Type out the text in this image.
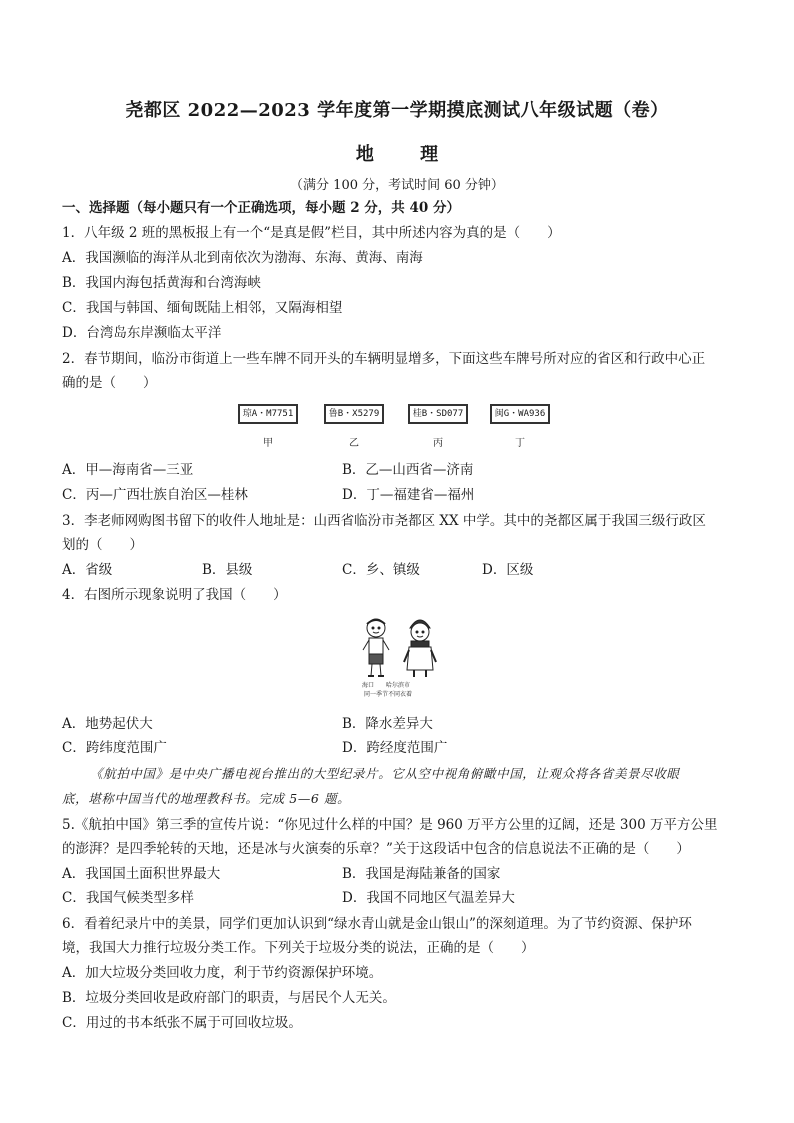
尧都区 2022—2023 学年度第一学期摸底测试八年级试题（卷）
地	理
（满分 100 分，考试时间 60 分钟）
一、选择题（每小题只有一个正确选项，每小题 2 分，共 40 分）
1．八年级 2 班的黑板报上有一个“是真是假”栏目，其中所述内容为真的是（　　）
A．我国濒临的海洋从北到南依次为渤海、东海、黄海、南海
B．我国内海包括黄海和台湾海峡
C．我国与韩国、缅甸既陆上相邻，又隔海相望
D．台湾岛东岸濒临太平洋
2．春节期间，临汾市街道上一些车牌不同开头的车辆明显增多，下面这些车牌号所对应的省区和行政中心正
确的是（　　）
琼A・M7751	鲁B・X5279	桂B・SD077	闽G・WA936
甲	乙	丙	丁
A．甲—海南省—三亚	B．乙—山西省—济南
C．丙—广西壮族自治区—桂林	D．丁—福建省—福州
3．李老师网购图书留下的收件人地址是：山西省临汾市尧都区 XX 中学。其中的尧都区属于我国三级行政区
划的（　　）
A．省级	B．县级	C．乡、镇级	D．区级
4．右图所示现象说明了我国（　　）
海口　　哈尔滨市
同一季节不同衣着
A．地势起伏大	B．降水差异大
C．跨纬度范围广	D．跨经度范围广
《航拍中国》是中央广播电视台推出的大型纪录片。它从空中视角俯瞰中国，让观众将各省美景尽收眼
底，堪称中国当代的地理教科书。完成 5—6 题。
5.《航拍中国》第三季的宣传片说：“你见过什么样的中国？是 960 万平方公里的辽阔，还是 300 万平方公里
的澎湃？是四季轮转的天地，还是冰与火演奏的乐章？”关于这段话中包含的信息说法不正确的是（　　）
A．我国国土面积世界最大	B．我国是海陆兼备的国家
C．我国气候类型多样	D．我国不同地区气温差异大
6．看着纪录片中的美景，同学们更加认识到“绿水青山就是金山银山”的深刻道理。为了节约资源、保护环
境，我国大力推行垃圾分类工作。下列关于垃圾分类的说法，正确的是（　　）
A．加大垃圾分类回收力度，利于节约资源保护环境。
B．垃圾分类回收是政府部门的职责，与居民个人无关。
C．用过的书本纸张不属于可回收垃圾。
